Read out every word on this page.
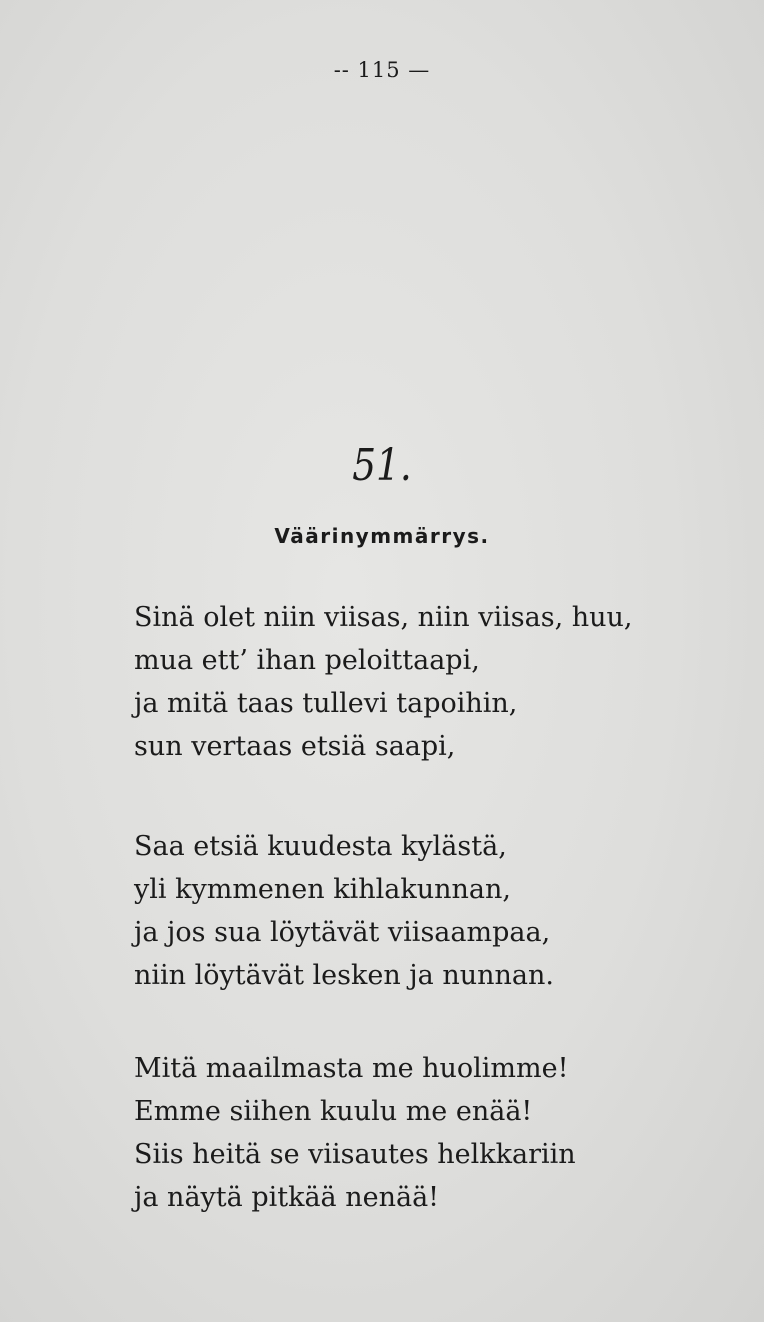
-- 115 —
51.
Väärinymmärrys.
Sinä olet niin viisas, niin viisas, huu,
mua ett’ ihan peloittaapi,
ja mitä taas tullevi tapoihin,
sun vertaas etsiä saapi,
Saa etsiä kuudesta kylästä,
yli kymmenen kihlakunnan,
ja jos sua löytävät viisaampaa,
niin löytävät lesken ja nunnan.
Mitä maailmasta me huolimme!
Emme siihen kuulu me enää!
Siis heitä se viisautes helkkariin
ja näytä pitkää nenää!
